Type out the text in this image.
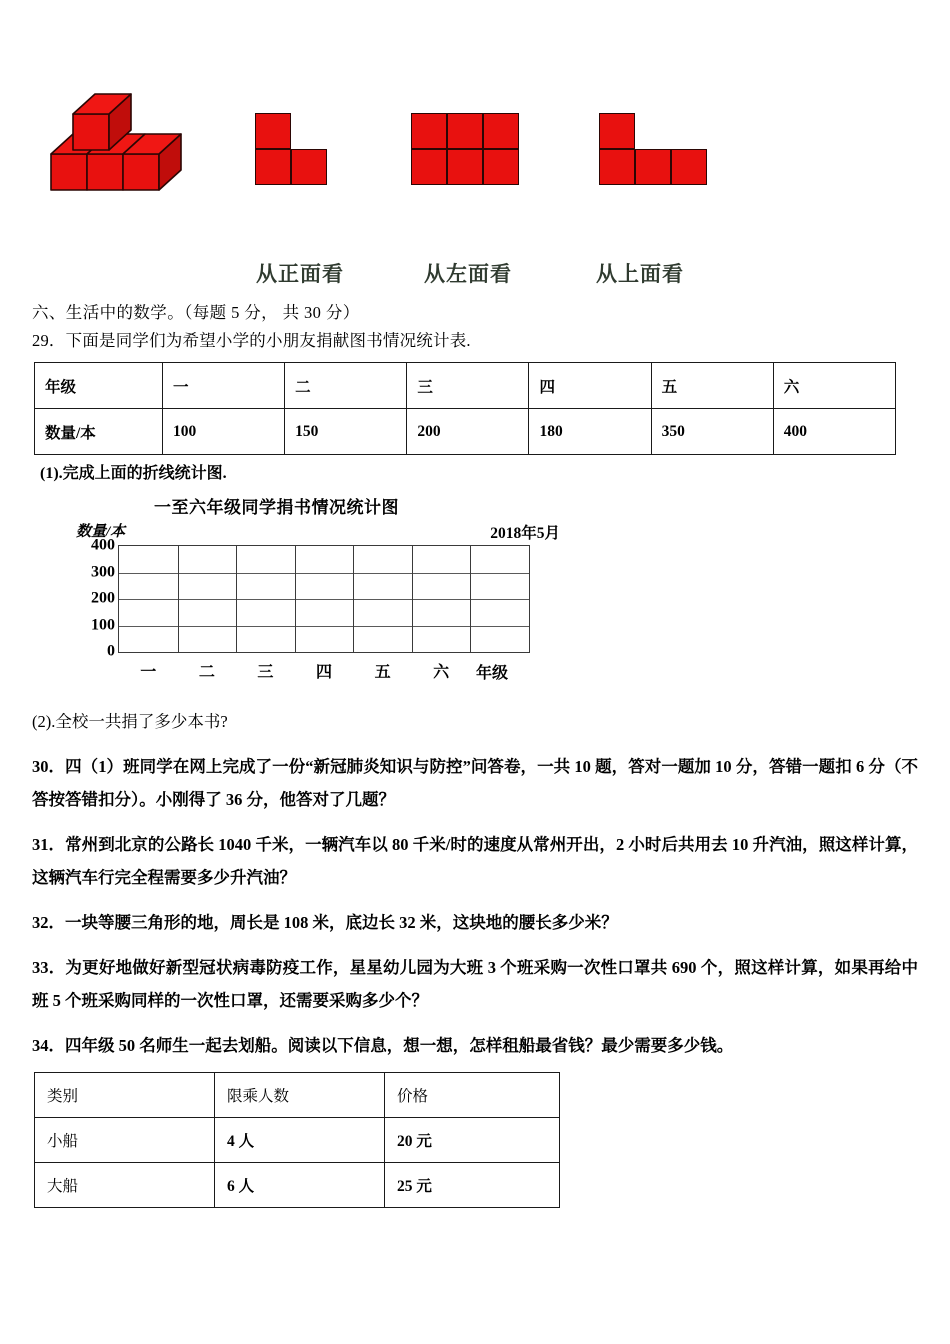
从正面看	从左面看	从上面看

六、生活中的数学。（每题 5 分， 共 30 分）

29．下面是同学们为希望小学的小朋友捐献图书情况统计表.

年级	一	二	三	四	五	六
数量/本	100	150	200	180	350	400

(1).完成上面的折线统计图.

一至六年级同学捐书情况统计图
数量/本	2018年5月
400
300
200
100
0
一	二	三	四	五	六 年级

(2).全校一共捐了多少本书?

30．四（1）班同学在网上完成了一份“新冠肺炎知识与防控”问答卷，一共 10 题，答对一题加 10 分，答错一题扣 6 分（不答按答错扣分）。小刚得了 36 分，他答对了几题？

31．常州到北京的公路长 1040 千米，一辆汽车以 80 千米/时的速度从常州开出，2 小时后共用去 10 升汽油，照这样计算，这辆汽车行完全程需要多少升汽油？

32．一块等腰三角形的地，周长是 108 米，底边长 32 米，这块地的腰长多少米？

33．为更好地做好新型冠状病毒防疫工作，星星幼儿园为大班 3 个班采购一次性口罩共 690 个，照这样计算，如果再给中班 5 个班采购同样的一次性口罩，还需要采购多少个？

34．四年级 50 名师生一起去划船。阅读以下信息，想一想，怎样租船最省钱？最少需要多少钱。

类别	限乘人数	价格
小船	4 人	20 元
大船	6 人	25 元
